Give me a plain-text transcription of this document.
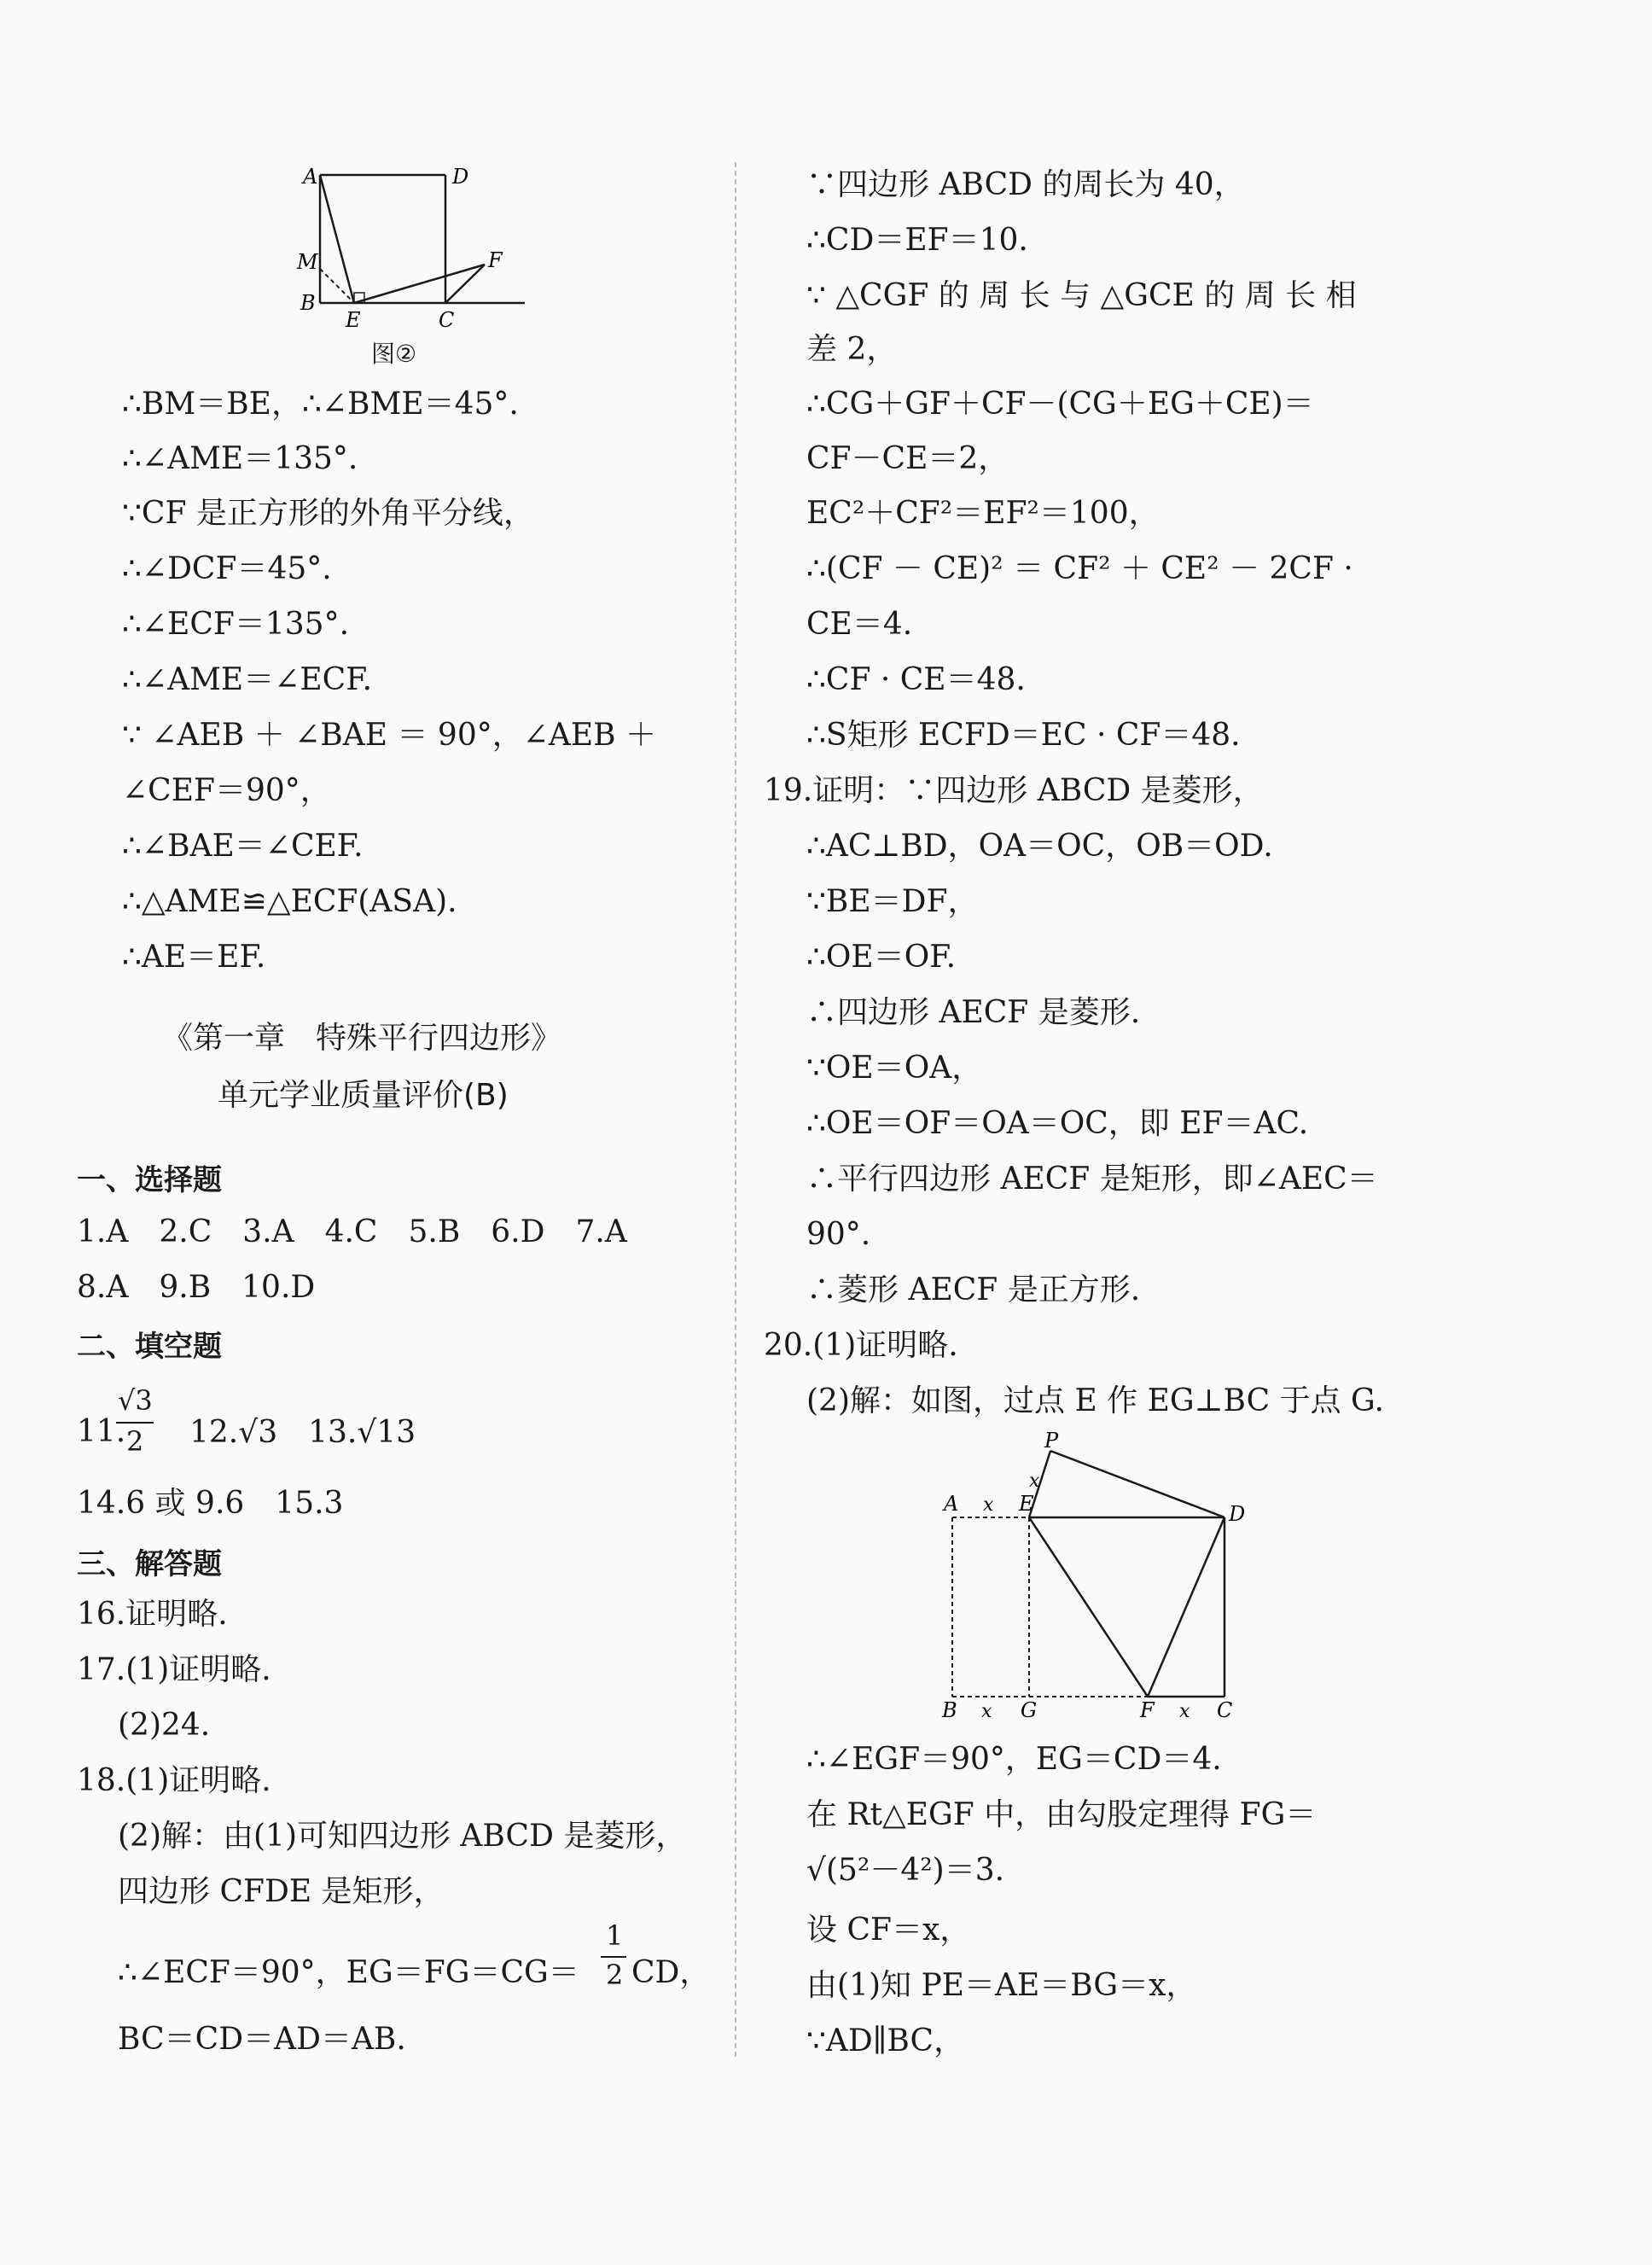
A	D
M	F
B
E	C
图②
∴BM＝BE，∴∠BME＝45°.
∴∠AME＝135°.
∵CF 是正方形的外角平分线，
∴∠DCF＝45°.
∴∠ECF＝135°.
∴∠AME＝∠ECF.
∵ ∠AEB ＋ ∠BAE ＝ 90°，∠AEB ＋
∠CEF＝90°，
∴∠BAE＝∠CEF.
∴△AME≌△ECF(ASA).
∴AE＝EF.
《第一章　特殊平行四边形》
单元学业质量评价(B)
一、选择题
1.A　2.C　3.A　4.C　5.B　6.D　7.A
8.A　9.B　10.D
二、填空题
11.
√3
2 12.√3　13.√13
14.6 或 9.6　15.3
三、解答题
16.证明略.
17.(1)证明略.
(2)24.
18.(1)证明略.
(2)解：由(1)可知四边形 ABCD 是菱形，
四边形 CFDE 是矩形，
∴∠ECF＝90°，EG＝FG＝CG＝
1
2 CD，
BC＝CD＝AD＝AB.
∵四边形 ABCD 的周长为 40，
∴CD＝EF＝10.
∵ △CGF 的 周 长 与 △GCE 的 周 长 相
差 2，
∴CG＋GF＋CF－(CG＋EG＋CE)＝
CF－CE＝2，
EC²＋CF²＝EF²＝100，
∴(CF － CE)² ＝ CF² ＋ CE² － 2CF ·
CE＝4.
∴CF · CE＝48.
∴S矩形 ECFD＝EC · CF＝48.
19.证明：∵四边形 ABCD 是菱形，
∴AC⊥BD，OA＝OC，OB＝OD.
∵BE＝DF，
∴OE＝OF.
∴四边形 AECF 是菱形.
∵OE＝OA，
∴OE＝OF＝OA＝OC，即 EF＝AC.
∴平行四边形 AECF 是矩形，即∠AEC＝
90°.
∴菱形 AECF 是正方形.
20.(1)证明略.
(2)解：如图，过点 E 作 EG⊥BC 于点 G.
P
x
A x E	D
B x G	F x C
∴∠EGF＝90°，EG＝CD＝4.
在 Rt△EGF 中，由勾股定理得 FG＝
√(5²－4²)＝3.
设 CF＝x，
由(1)知 PE＝AE＝BG＝x，
∵AD∥BC，
